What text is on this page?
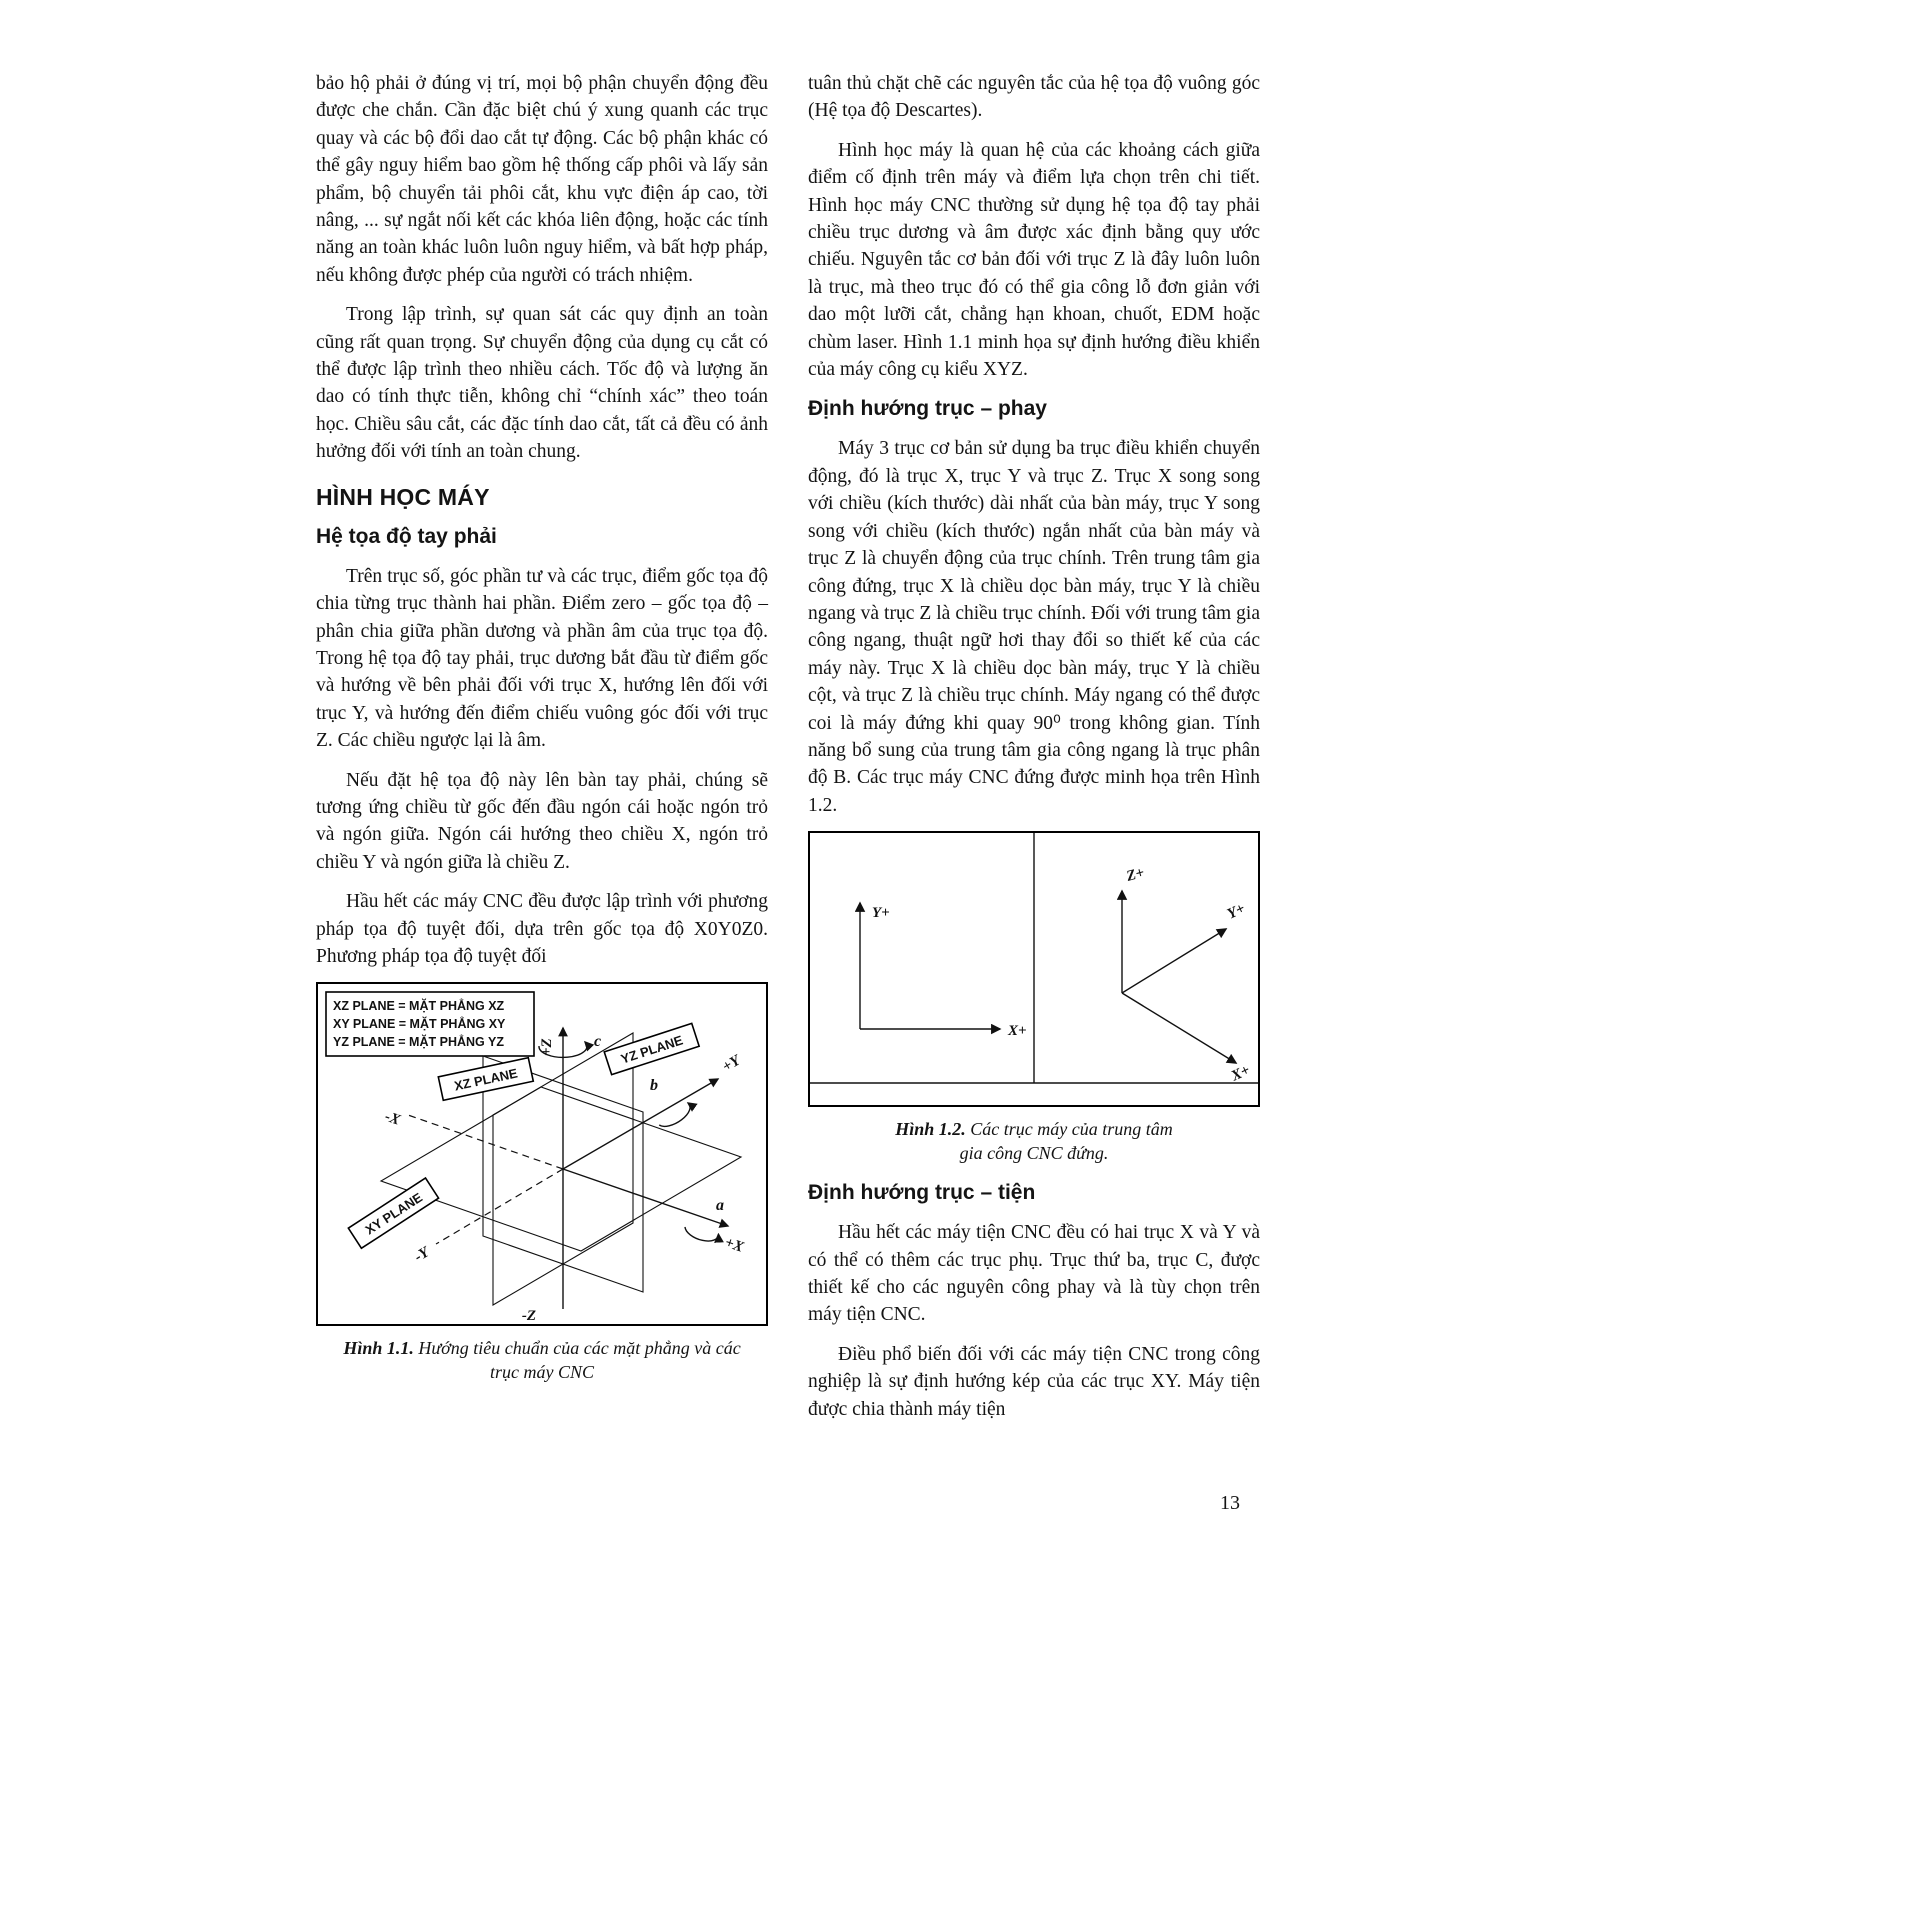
bảo hộ phải ở đúng vị trí, mọi bộ phận chuyển động đều được che chắn. Cần đặc biệt chú ý xung quanh các trục quay và các bộ đổi dao cắt tự động. Các bộ phận khác có thể gây nguy hiểm bao gồm hệ thống cấp phôi và lấy sản phẩm, bộ chuyển tải phôi cắt, khu vực điện áp cao, tời nâng, ... sự ngắt nối kết các khóa liên động, hoặc các tính năng an toàn khác luôn luôn nguy hiểm, và bất hợp pháp, nếu không được phép của người có trách nhiệm.

Trong lập trình, sự quan sát các quy định an toàn cũng rất quan trọng. Sự chuyển động của dụng cụ cắt có thể được lập trình theo nhiều cách. Tốc độ và lượng ăn dao có tính thực tiễn, không chỉ “chính xác” theo toán học. Chiều sâu cắt, các đặc tính dao cắt, tất cả đều có ảnh hưởng đối với tính an toàn chung.

HÌNH HỌC MÁY
Hệ tọa độ tay phải

Trên trục số, góc phần tư và các trục, điểm gốc tọa độ chia từng trục thành hai phần. Điểm zero – gốc tọa độ – phân chia giữa phần dương và phần âm của trục tọa độ. Trong hệ tọa độ tay phải, trục dương bắt đầu từ điểm gốc và hướng về bên phải đối với trục X, hướng lên đối với trục Y, và hướng đến điểm chiếu vuông góc đối với trục Z. Các chiều ngược lại là âm.

Nếu đặt hệ tọa độ này lên bàn tay phải, chúng sẽ tương ứng chiều từ gốc đến đầu ngón cái hoặc ngón trỏ và ngón giữa. Ngón cái hướng theo chiều X, ngón trỏ chiều Y và ngón giữa là chiều Z.

Hầu hết các máy CNC đều được lập trình với phương pháp tọa độ tuyệt đối, dựa trên gốc tọa độ X0Y0Z0. Phương pháp tọa độ tuyệt đối

XZ PLANE = MẶT PHẲNG XZ
XY PLANE = MẶT PHẲNG XY
YZ PLANE = MẶT PHẲNG YZ +Z
-Z
+Y
-Y	+X
-X
c
b
a
XZ PLANE
YZ PLANE
XY PLANE
Hình 1.1. Hướng tiêu chuẩn của các mặt phẳng và các trục máy CNC

tuân thủ chặt chẽ các nguyên tắc của hệ tọa độ vuông góc (Hệ tọa độ Descartes).

Hình học máy là quan hệ của các khoảng cách giữa điểm cố định trên máy và điểm lựa chọn trên chi tiết. Hình học máy CNC thường sử dụng hệ tọa độ tay phải chiều trục dương và âm được xác định bằng quy ước chiếu. Nguyên tắc cơ bản đối với trục Z là đây luôn luôn là trục, mà theo trục đó có thể gia công lỗ đơn giản với dao một lưỡi cắt, chẳng hạn khoan, chuốt, EDM hoặc chùm laser. Hình 1.1 minh họa sự định hướng điều khiển của máy công cụ kiểu XYZ.

Định hướng trục – phay

Máy 3 trục cơ bản sử dụng ba trục điều khiển chuyển động, đó là trục X, trục Y và trục Z. Trục X song song với chiều (kích thước) dài nhất của bàn máy, trục Y song song với chiều (kích thước) ngắn nhất của bàn máy và trục Z là chuyển động của trục chính. Trên trung tâm gia công đứng, trục X là chiều dọc bàn máy, trục Y là chiều ngang và trục Z là chiều trục chính. Đối với trung tâm gia công ngang, thuật ngữ hơi thay đổi so thiết kế của các máy này. Trục X là chiều dọc bàn máy, trục Y là chiều cột, và trục Z là chiều trục chính. Máy ngang có thể được coi là máy đứng khi quay 90⁰ trong không gian. Tính năng bổ sung của trung tâm gia công ngang là trục phân độ B. Các trục máy CNC đứng được minh họa trên Hình 1.2.

Y+
X+
Z+
Y+
X+
Hình 1.2. Các trục máy của trung tâm gia công CNC đứng.
Định hướng trục – tiện

Hầu hết các máy tiện CNC đều có hai trục X và Y và có thể có thêm các trục phụ. Trục thứ ba, trục C, được thiết kế cho các nguyên công phay và là tùy chọn trên máy tiện CNC.

Điều phổ biến đối với các máy tiện CNC trong công nghiệp là sự định hướng kép của các trục XY. Máy tiện được chia thành máy tiện

13
